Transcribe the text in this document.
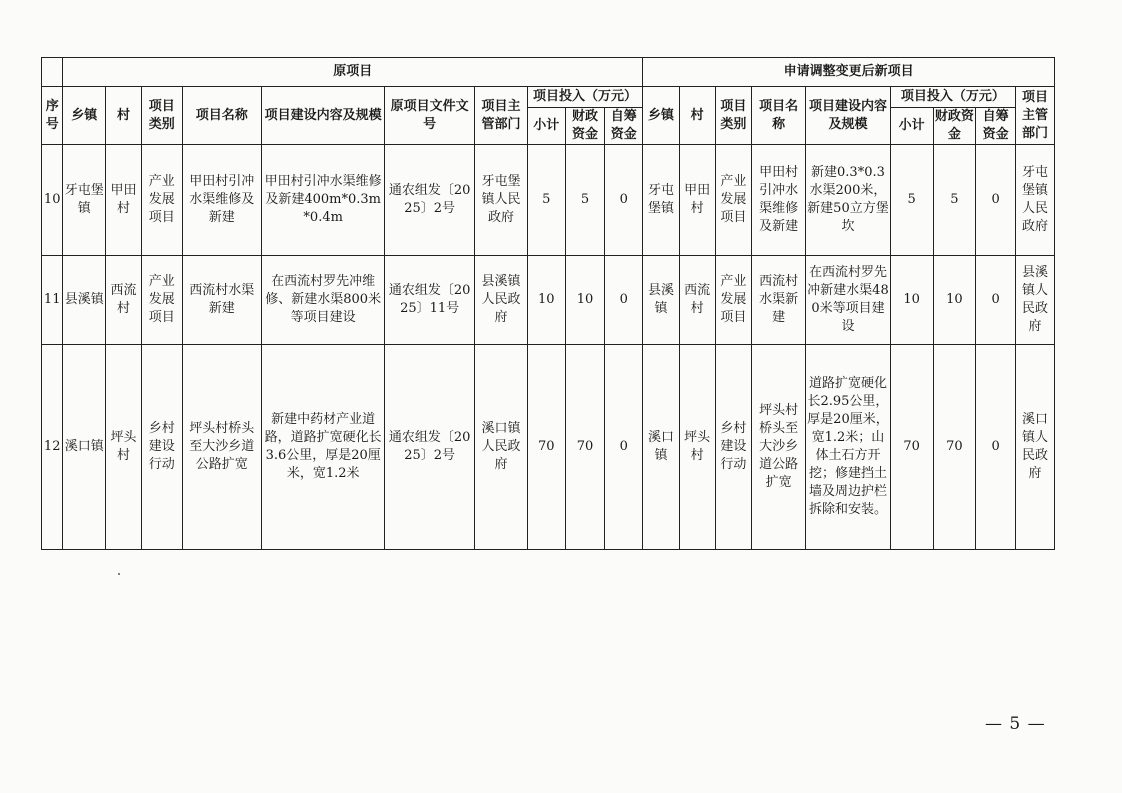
	原项目										申请调整变更后新项目								
序号	乡镇	村	项目类别	项目名称	项目建设内容及规模	原项目文件文号	项目主管部门	项目投入（万元）			乡镇	村	项目类别	项目名称	项目建设内容及规模	项目投入（万元）			项目主管部门
								小计	财政资金	自筹资金						小计	财政资金	自筹资金	
10	牙屯堡镇	甲田村	产业发展项目	甲田村引冲水渠维修及新建	甲田村引冲水渠维修及新建400m*0.3m*0.4m	通农组发〔2025〕2号	牙屯堡镇人民政府	5	5	0	牙屯堡镇	甲田村	产业发展项目	甲田村引冲水渠维修及新建	新建0.3*0.3水渠200米，新建50立方堡坎	5	5	0	牙屯堡镇人民政府
11	县溪镇	西流村	产业发展项目	西流村水渠新建	在西流村罗先冲维修、新建水渠800米等项目建设	通农组发〔2025〕11号	县溪镇人民政府	10	10	0	县溪镇	西流村	产业发展项目	西流村水渠新建	在西流村罗先冲新建水渠480米等项目建设	10	10	0	县溪镇人民政府
12	溪口镇	坪头村	乡村建设行动	坪头村桥头至大沙乡道公路扩宽	新建中药材产业道路，道路扩宽硬化长3.6公里，厚是20厘米，宽1.2米	通农组发〔2025〕2号	溪口镇人民政府	70	70	0	溪口镇	坪头村	乡村建设行动	坪头村桥头至大沙乡道公路扩宽	道路扩宽硬化长2.95公里，厚是20厘米，宽1.2米；山体土石方开挖；修建挡土墙及周边护栏拆除和安装。	70	70	0	溪口镇人民政府
— 5 —
